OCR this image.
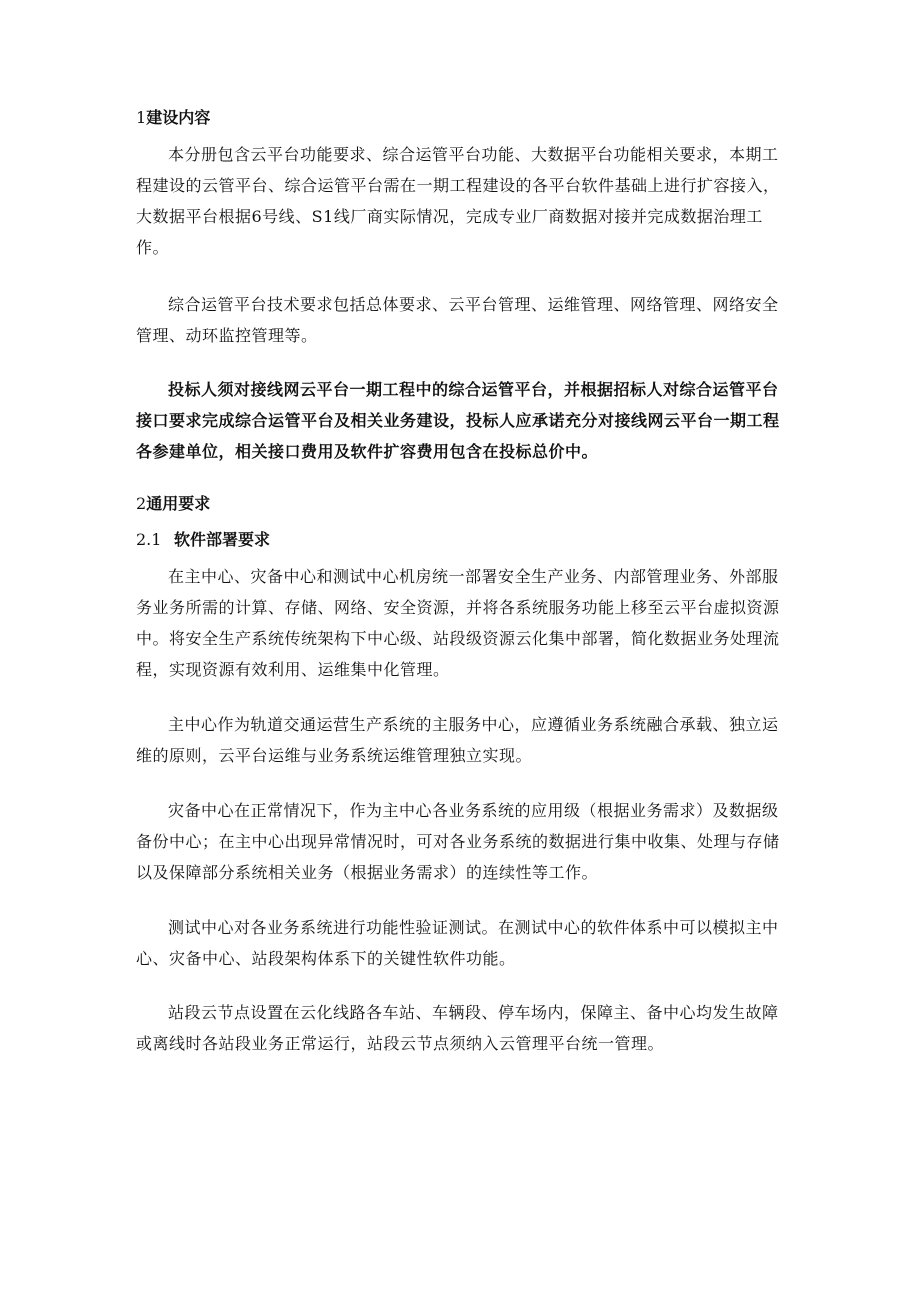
1建设内容

本分册包含云平台功能要求、综合运管平台功能、大数据平台功能相关要求，本期工程建设的云管平台、综合运管平台需在一期工程建设的各平台软件基础上进行扩容接入，大数据平台根据6号线、S1线厂商实际情况，完成专业厂商数据对接并完成数据治理工作。

综合运管平台技术要求包括总体要求、云平台管理、运维管理、网络管理、网络安全管理、动环监控管理等。

投标人须对接线网云平台一期工程中的综合运管平台，并根据招标人对综合运管平台接口要求完成综合运管平台及相关业务建设，投标人应承诺充分对接线网云平台一期工程各参建单位，相关接口费用及软件扩容费用包含在投标总价中。

2通用要求
2.1 软件部署要求

在主中心、灾备中心和测试中心机房统一部署安全生产业务、内部管理业务、外部服务业务所需的计算、存储、网络、安全资源，并将各系统服务功能上移至云平台虚拟资源中。将安全生产系统传统架构下中心级、站段级资源云化集中部署，简化数据业务处理流程，实现资源有效利用、运维集中化管理。

主中心作为轨道交通运营生产系统的主服务中心，应遵循业务系统融合承载、独立运维的原则，云平台运维与业务系统运维管理独立实现。

灾备中心在正常情况下，作为主中心各业务系统的应用级（根据业务需求）及数据级备份中心；在主中心出现异常情况时，可对各业务系统的数据进行集中收集、处理与存储以及保障部分系统相关业务（根据业务需求）的连续性等工作。

测试中心对各业务系统进行功能性验证测试。在测试中心的软件体系中可以模拟主中心、灾备中心、站段架构体系下的关键性软件功能。

站段云节点设置在云化线路各车站、车辆段、停车场内，保障主、备中心均发生故障或离线时各站段业务正常运行，站段云节点须纳入云管理平台统一管理。
